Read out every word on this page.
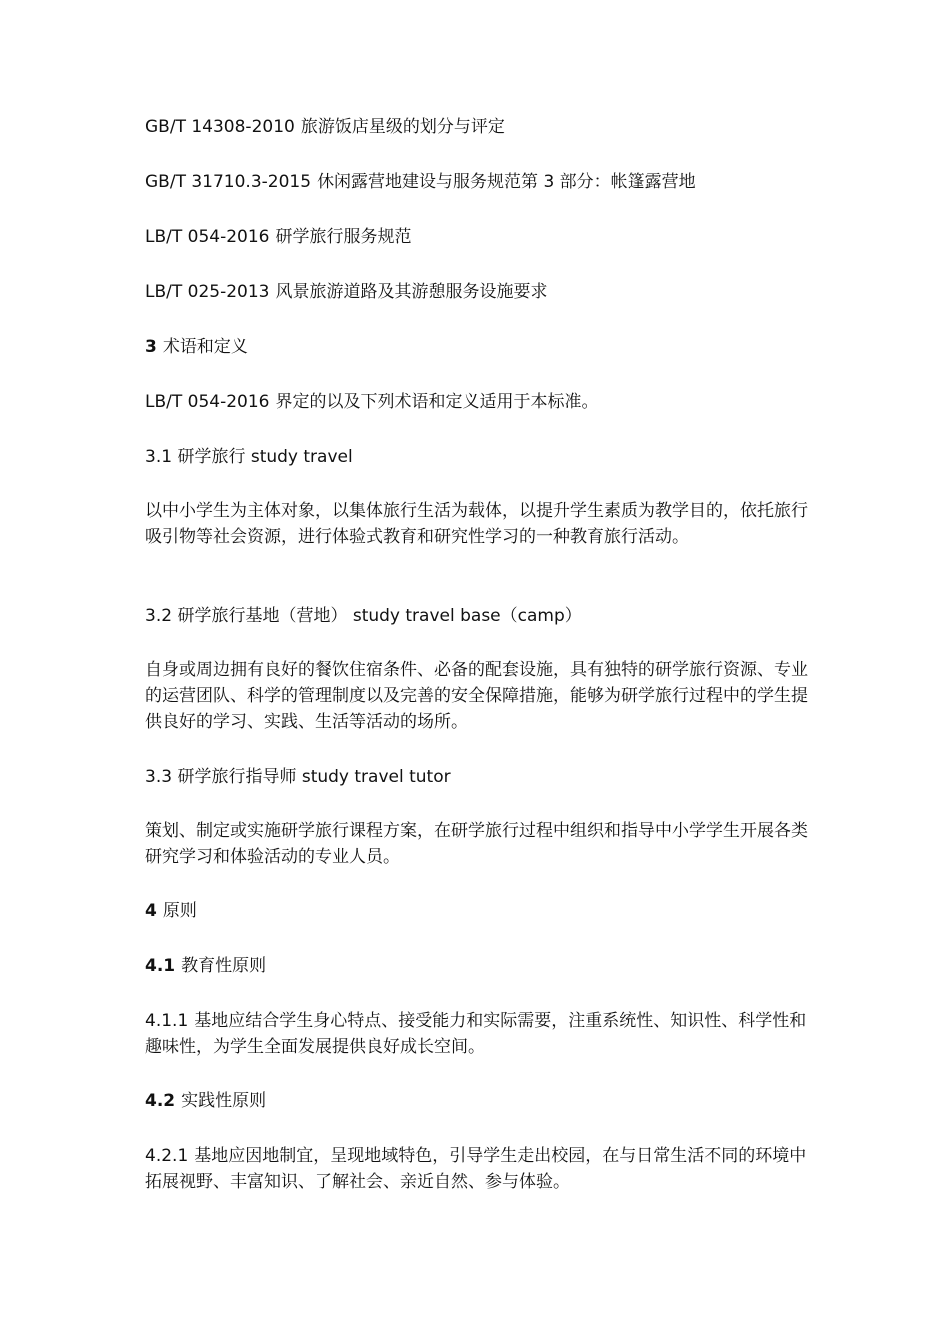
GB/T 14308-2010 旅游饭店星级的划分与评定
GB/T 31710.3-2015 休闲露营地建设与服务规范第 3 部分：帐篷露营地
LB/T 054-2016 研学旅行服务规范
LB/T 025-2013 风景旅游道路及其游憩服务设施要求
3 术语和定义
LB/T 054-2016 界定的以及下列术语和定义适用于本标准。
3.1 研学旅行 study travel
以中小学生为主体对象，以集体旅行生活为载体，以提升学生素质为教学目的，依托旅行吸引物等社会资源，进行体验式教育和研究性学习的一种教育旅行活动。
3.2 研学旅行基地（营地） study travel base（camp）
自身或周边拥有良好的餐饮住宿条件、必备的配套设施，具有独特的研学旅行资源、专业的运营团队、科学的管理制度以及完善的安全保障措施，能够为研学旅行过程中的学生提供良好的学习、实践、生活等活动的场所。
3.3 研学旅行指导师 study travel tutor
策划、制定或实施研学旅行课程方案，在研学旅行过程中组织和指导中小学学生开展各类研究学习和体验活动的专业人员。
4 原则
4.1 教育性原则
4.1.1 基地应结合学生身心特点、接受能力和实际需要，注重系统性、知识性、科学性和趣味性，为学生全面发展提供良好成长空间。
4.2 实践性原则
4.2.1 基地应因地制宜，呈现地域特色，引导学生走出校园，在与日常生活不同的环境中拓展视野、丰富知识、了解社会、亲近自然、参与体验。
